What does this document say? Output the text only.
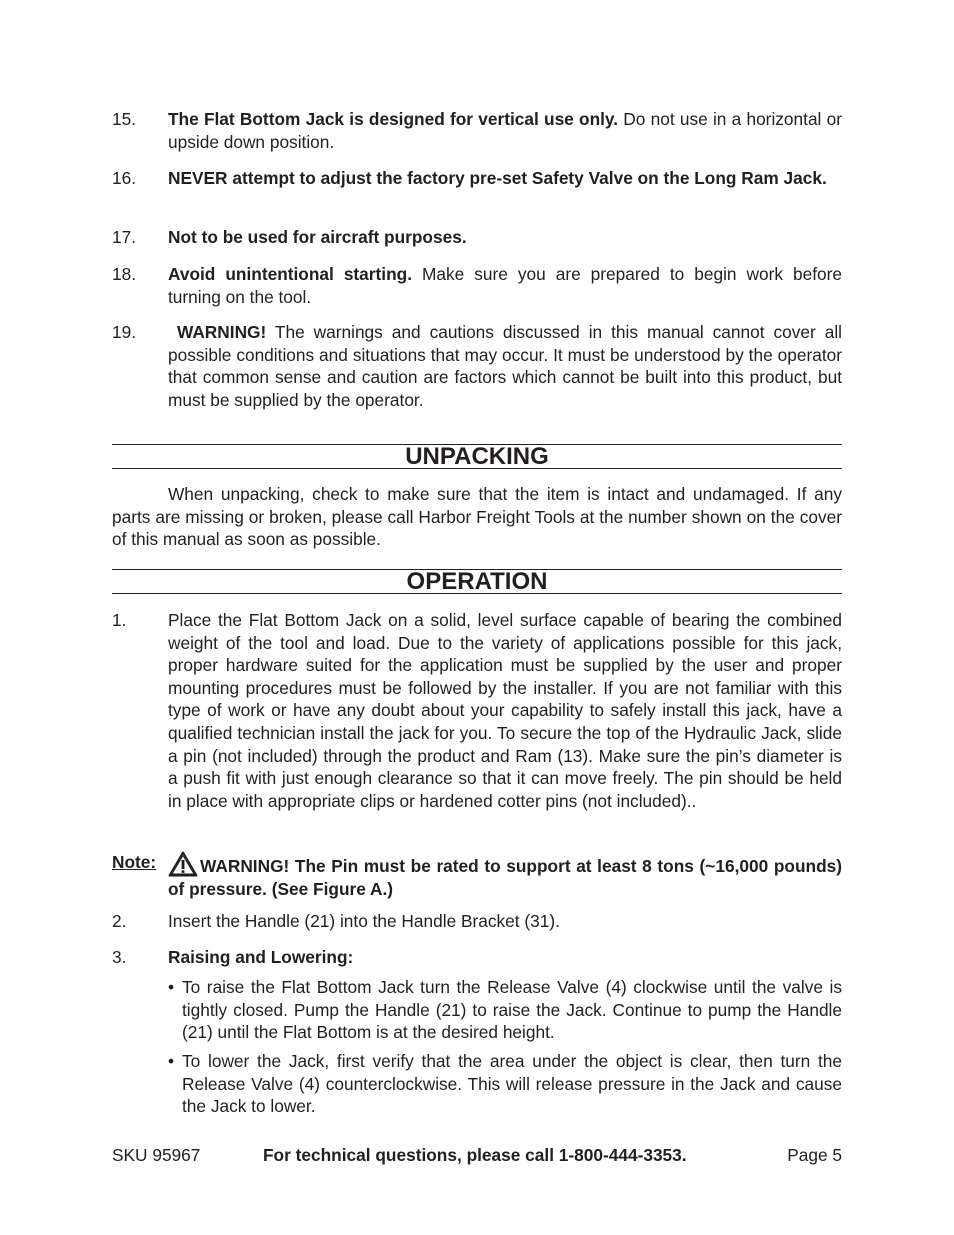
15. The Flat Bottom Jack is designed for vertical use only. Do not use in a horizontal or upside down position.
16. NEVER attempt to adjust the factory pre-set Safety Valve on the Long Ram Jack.
17. Not to be used for aircraft purposes.
18. Avoid unintentional starting. Make sure you are prepared to begin work before turning on the tool.
19. WARNING! The warnings and cautions discussed in this manual cannot cover all possible conditions and situations that may occur. It must be understood by the operator that common sense and caution are factors which cannot be built into this product, but must be supplied by the operator.
UNPACKING
When unpacking, check to make sure that the item is intact and undamaged. If any parts are missing or broken, please call Harbor Freight Tools at the number shown on the cover of this manual as soon as possible.
OPERATION
1. Place the Flat Bottom Jack on a solid, level surface capable of bearing the combined weight of the tool and load. Due to the variety of applications possible for this jack, proper hardware suited for the application must be supplied by the user and proper mounting procedures must be followed by the installer. If you are not familiar with this type of work or have any doubt about your capability to safely install this jack, have a qualified technician install the jack for you. To secure the top of the Hydraulic Jack, slide a pin (not included) through the product and Ram (13). Make sure the pin’s diameter is a push fit with just enough clearance so that it can move freely. The pin should be held in place with appropriate clips or hardened cotter pins (not included)..
Note:	WARNING! The Pin must be rated to support at least 8 tons (~16,000 pounds) of pressure. (See Figure A.)
2. Insert the Handle (21) into the Handle Bracket (31).
3. Raising and Lowering:
• To raise the Flat Bottom Jack turn the Release Valve (4) clockwise until the valve is tightly closed. Pump the Handle (21) to raise the Jack. Continue to pump the Handle (21) until the Flat Bottom is at the desired height.
• To lower the Jack, first verify that the area under the object is clear, then turn the Release Valve (4) counterclockwise. This will release pressure in the Jack and cause the Jack to lower.
SKU 95967	For technical questions, please call 1-800-444-3353.	Page 5
